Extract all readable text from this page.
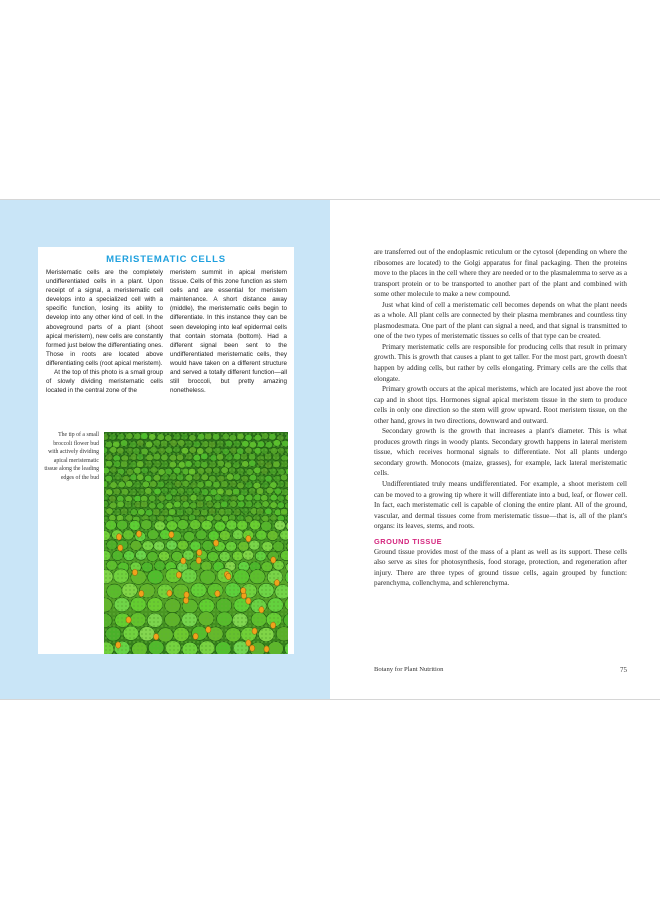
MERISTEMATIC CELLS

Meristematic cells are the completely undifferentiated cells in a plant. Upon receipt of a signal, a meristematic cell develops into a specialized cell with a specific function, losing its ability to develop into any other kind of cell. In the aboveground parts of a plant (shoot apical meristem), new cells are constantly formed just below the differentiating ones. Those in roots are located above differentiating cells (root apical meristem).

At the top of this photo is a small group of slowly dividing meristematic cells located in the central zone of the

meristem summit in apical meristem tissue. Cells of this zone function as stem cells and are essential for meristem maintenance. A short distance away (middle), the meristematic cells begin to differentiate. In this instance they can be seen developing into leaf epidermal cells that contain stomata (bottom). Had a different signal been sent to the undifferentiated meristematic cells, they would have taken on a different structure and served a totally different function—all still broccoli, but pretty amazing nonetheless.

The tip of a small broccoli flower bud with actively dividing apical meristematic tissue along the leading edges of the bud

are transferred out of the endoplasmic reticulum or the cytosol (depending on where the ribosomes are located) to the Golgi apparatus for final packaging. Then the proteins move to the places in the cell where they are needed or to the plasmalemma to serve as a transport protein or to be transported to another part of the plant and combined with some other molecule to make a new compound.

Just what kind of cell a meristematic cell becomes depends on what the plant needs as a whole. All plant cells are connected by their plasma membranes and countless tiny plasmodesmata. One part of the plant can signal a need, and that signal is transmitted to one of the two types of meristematic tissues so cells of that type can be created.

Primary meristematic cells are responsible for producing cells that result in primary growth. This is growth that causes a plant to get taller. For the most part, growth doesn't happen by adding cells, but rather by cells elongating. Primary cells are the cells that elongate.

Primary growth occurs at the apical meristems, which are located just above the root cap and in shoot tips. Hormones signal apical meristem tissue in the stem to produce cells in only one direction so the stem will grow upward. Root meristem tissue, on the other hand, grows in two directions, downward and outward.

Secondary growth is the growth that increases a plant's diameter. This is what produces growth rings in woody plants. Secondary growth happens in lateral meristem tissue, which receives hormonal signals to differentiate. Not all plants undergo secondary growth. Monocots (maize, grasses), for example, lack lateral meristematic cells.

Undifferentiated truly means undifferentiated. For example, a shoot meristem cell can be moved to a growing tip where it will differentiate into a bud, leaf, or flower cell. In fact, each meristematic cell is capable of cloning the entire plant. All of the ground, vascular, and dermal tissues come from meristematic tissue—that is, all of the plant's organs: its leaves, stems, and roots.

GROUND TISSUE

Ground tissue provides most of the mass of a plant as well as its support. These cells also serve as sites for photosynthesis, food storage, protection, and regeneration after injury. There are three types of ground tissue cells, again grouped by function: parenchyma, collenchyma, and schlerenchyma.

Botany for Plant Nutrition	75
